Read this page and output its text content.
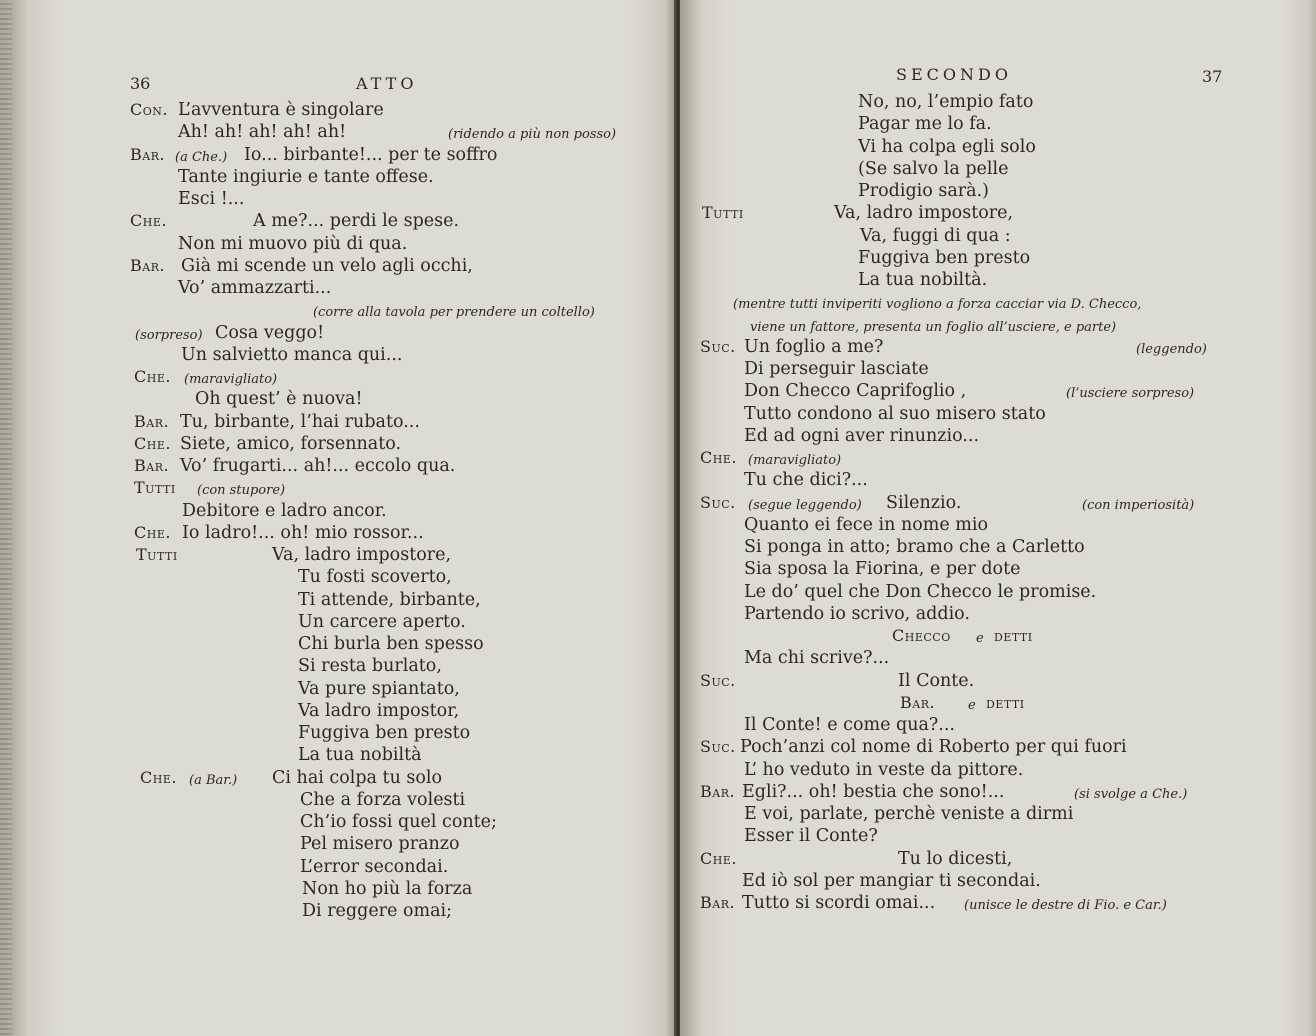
36	ATTO
Con. L’avventura è singolare
(ridendo a più non posso)
Ah! ah! ah! ah! ah!
Bar. (a Che.) Io... birbante!... per te soffro
Tante ingiurie e tante offese.
Esci !...
Che.	A me?... perdi le spese.
Non mi muovo più di qua.
Bar. Già mi scende un velo agli occhi,
Vo’ ammazzarti...
(corre alla tavola per prendere un coltello)
(sorpreso) Cosa veggo!
Un salvietto manca qui...
Che. (maravigliato)
Oh quest’ è nuova!
Bar. Tu, birbante, l’hai rubato...
Che. Siete, amico, forsennato.
Bar. Vo’ frugarti... ah!... eccolo qua.
Tutti (con stupore)
Debitore e ladro ancor.
Che. Io ladro!... oh! mio rossor...
Tutti	Va, ladro impostore,
Tu fosti scoverto,
Ti attende, birbante,
Un carcere aperto.
Chi burla ben spesso
Si resta burlato,
Va pure spiantato,
Va ladro impostor,
Fuggiva ben presto
La tua nobiltà
Che. (a Bar.) Ci hai colpa tu solo
Che a forza volesti
Ch’io fossi quel conte;
Pel misero pranzo
L’error secondai.
Non ho più la forza
Di reggere omai;
SECONDO	37
No, no, l’empio fato
Pagar me lo fa.
Vi ha colpa egli solo
(Se salvo la pelle
Prodigio sarà.)
Tutti	Va, ladro impostore,
Va, fuggi di qua :
Fuggiva ben presto
La tua nobiltà.
(mentre tutti inviperiti vogliono a forza cacciar via D. Checco,
viene un fattore, presenta un foglio all’usciere, e parte)
Suc.	(leggendo)
Un foglio a me?
Di perseguir lasciate
(l’usciere sorpreso)
Don Checco Caprifoglio ,
Tutto condono al suo misero stato
Ed ad ogni aver rinunzio...
Che. (maravigliato)
Tu che dici?...
Suc. (segue leggendo) Silenzio.	(con imperiosità)
Quanto ei fece in nome mio
Si ponga in atto; bramo che a Carletto
Sia sposa la Fiorina, e per dote
Le do’ quel che Don Checco le promise.
Partendo io scrivo, addio.
Checco e detti
Ma chi scrive?...
Suc.	Il Conte.
Bar.	e detti
Il Conte! e come qua?...
Suc. Poch’anzi col nome di Roberto per qui fuori
L’ ho veduto in veste da pittore.
Bar.	(si svolge a Che.)
Egli?... oh! bestia che sono!...
E voi, parlate, perchè veniste a dirmi
Esser il Conte?
Che.	Tu lo dicesti,
Ed iò sol per mangiar ti secondai.
Bar.	(unisce le destre di Fio. e Car.)
Tutto si scordi omai...
